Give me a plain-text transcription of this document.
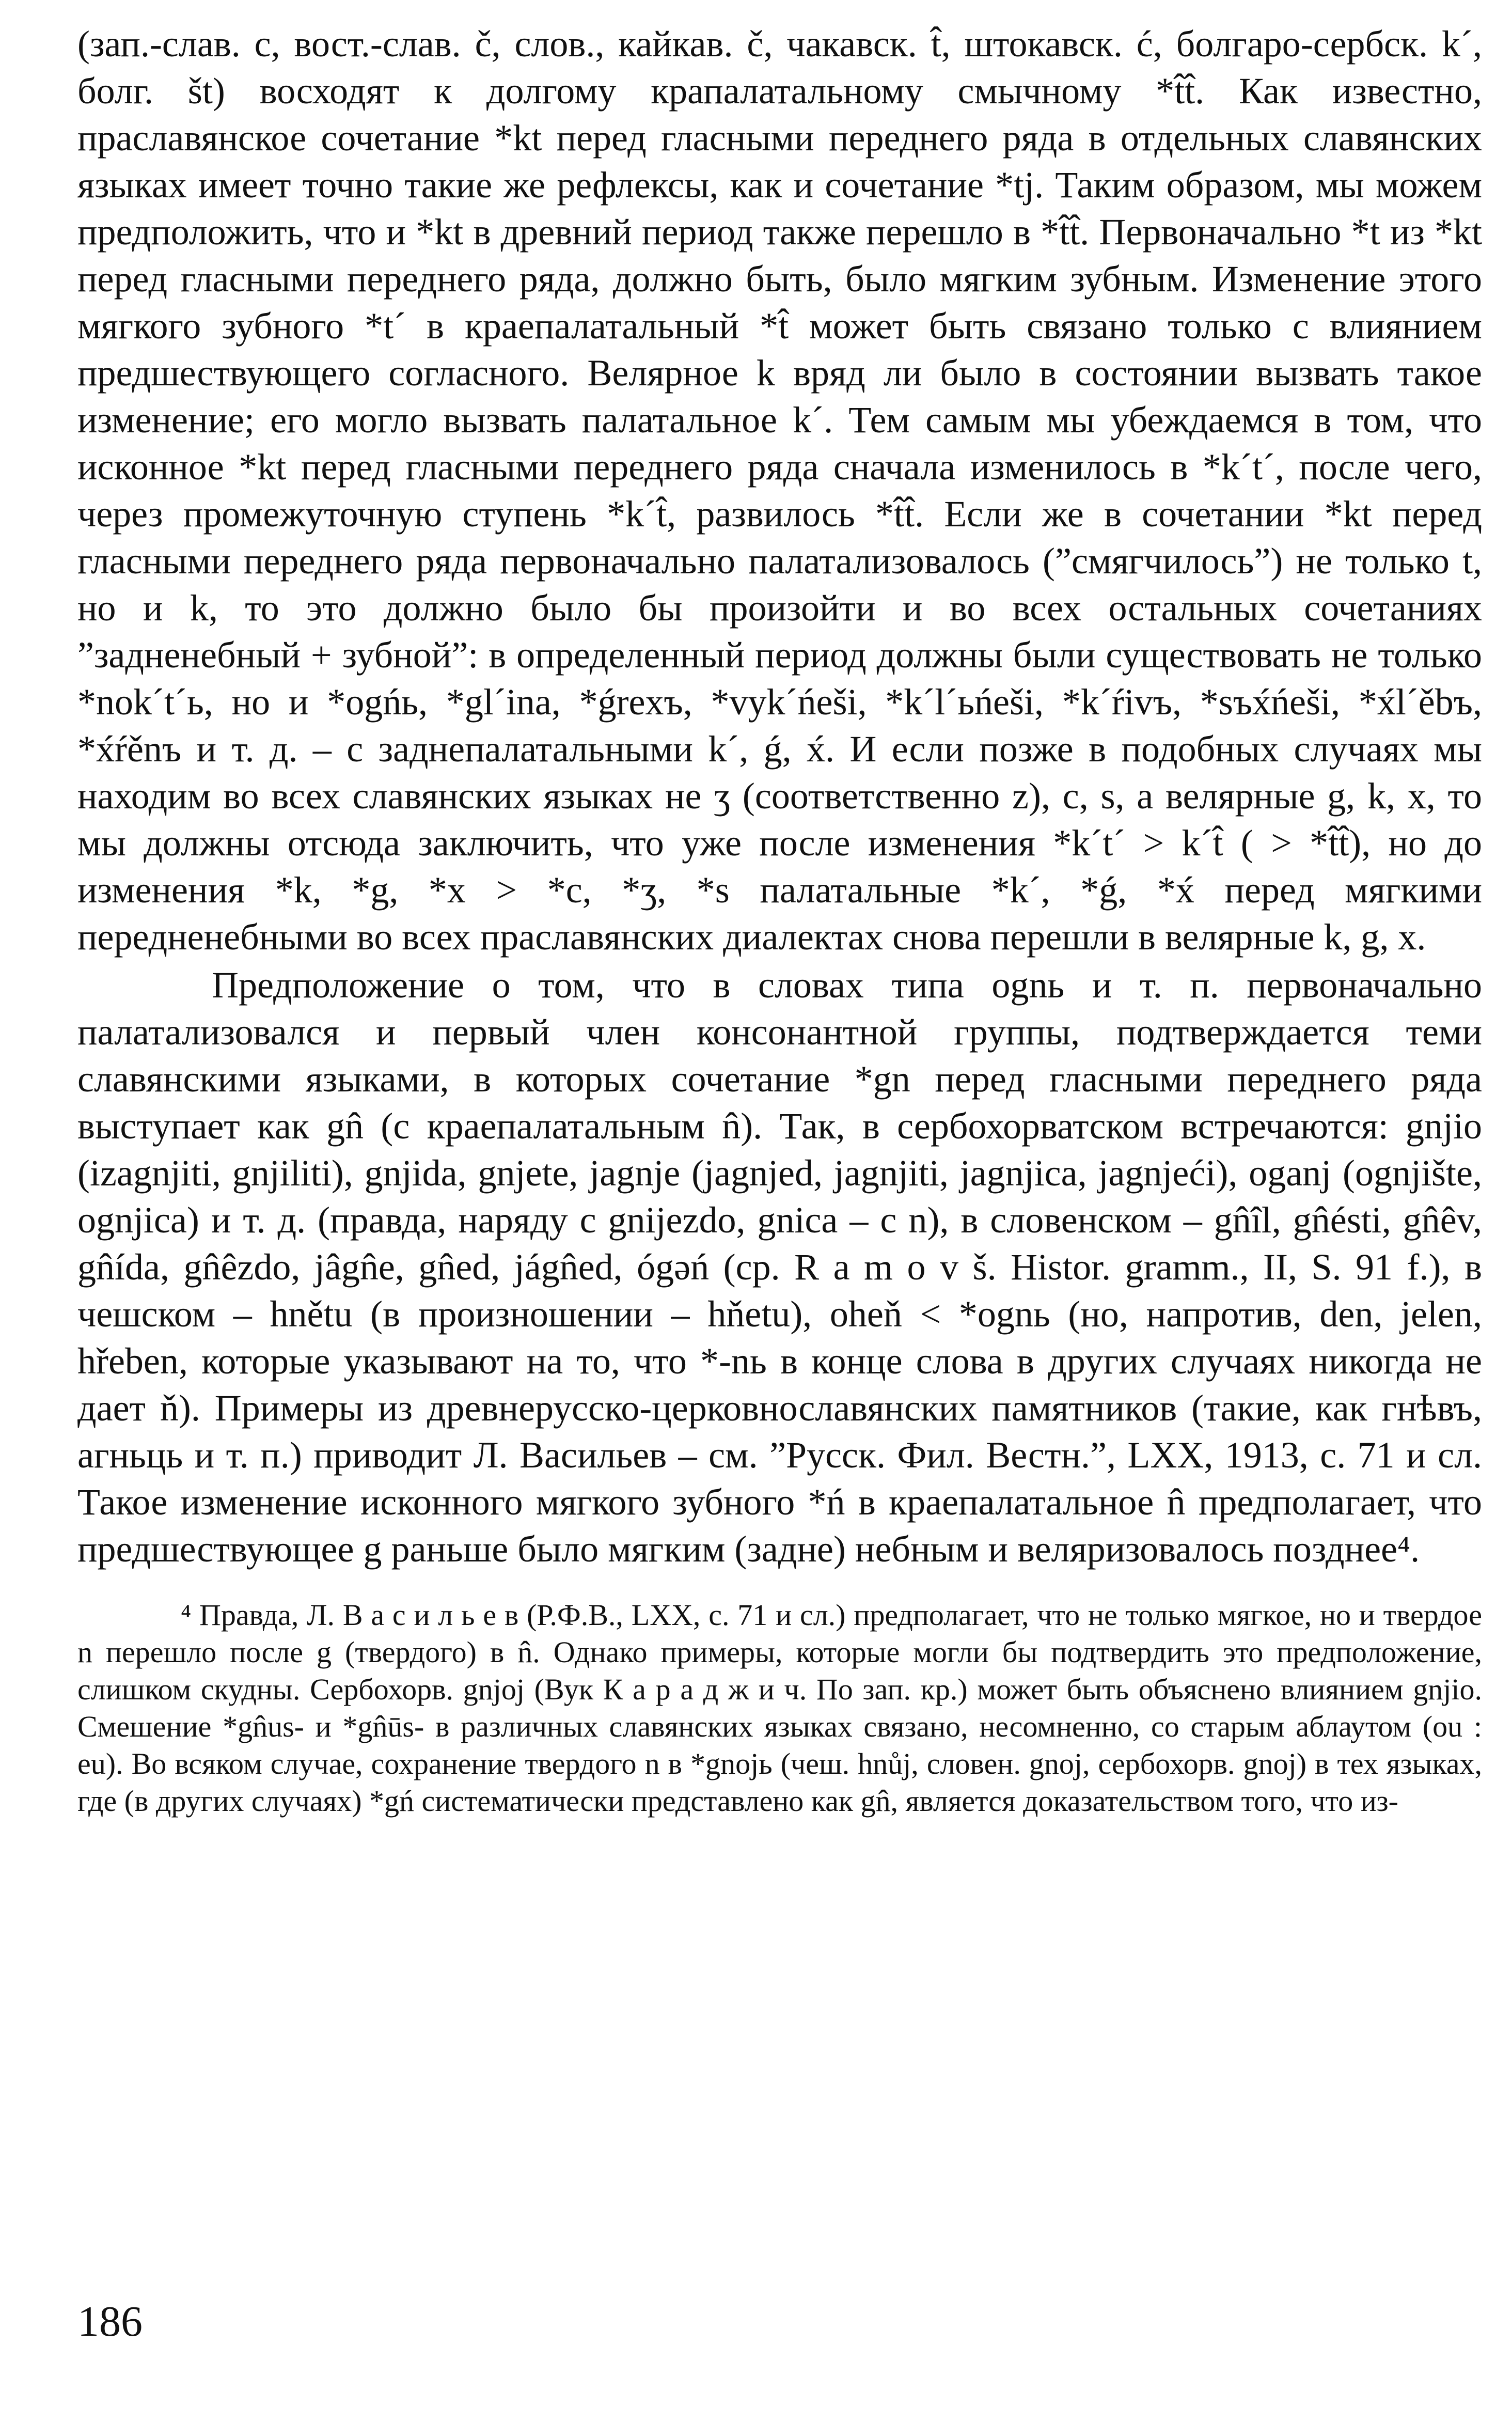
(зап.-слав. c, вост.-слав. č, слов., кайкав. č, чакавск. t̂, штокавск. ć, болгаро-сербск. k´, болг. št) восходят к долгому крапалатальному смычному *t̂t̂. Как известно, праславянское сочетание *kt перед гласными переднего ряда в отдельных славянских языках имеет точно такие же рефлексы, как и сочетание *tj. Таким образом, мы можем предположить, что и *kt в древний период также перешло в *t̂t̂. Первоначально *t из *kt перед гласными переднего ряда, должно быть, было мягким зубным. Изменение этого мягкого зубного *t´ в краепалатальный *t̂ может быть связано только с влиянием предшествующего согласного. Велярное k вряд ли было в состоянии вызвать такое изменение; его могло вызвать палатальное k´. Тем самым мы убеждаемся в том, что исконное *kt перед гласными переднего ряда сначала изменилось в *k´t´, после чего, через промежуточную ступень *k´t̂, развилось *t̂t̂. Если же в сочетании *kt перед гласными переднего ряда первоначально палатализовалось (”смягчилось”) не только t, но и k, то это должно было бы произойти и во всех остальных сочетаниях ”задненебный + зубной”: в определенный период должны были существовать не только *nok´t´ь, но и *ogńь, *gl´ina, *ǵrexъ, *vyk´ńeši, *k´l´ьńeši, *k´ŕivъ, *sъx́ńeši, *x́l´ěbъ, *x́ŕěnъ и т. д. – с заднепалатальными k´, ǵ, x́. И если позже в подобных случаях мы находим во всех славянских языках не ʒ (соответственно z), c, s, а велярные g, k, x, то мы должны отсюда заключить, что уже после изменения *k´t´ > k´t̂ ( > *t̂t̂), но до изменения *k, *g, *x > *c, *ʒ, *s палатальные *k´, *ǵ, *x́ перед мягкими передненебными во всех праславянских диалектах снова перешли в велярные k, g, x.

Предположение о том, что в словах типа ognь и т. п. первоначально палатализовался и первый член консонантной группы, подтверждается теми славянскими языками, в которых сочетание *gn перед гласными переднего ряда выступает как gn̂ (с краепалатальным n̂). Так, в сербохорватском встречаются: gnjio (izagnjiti, gnjiliti), gnjida, gnjete, jagnje (jagnjed, jagnjiti, jagnjica, jagnjeći), oganj (ognjište, ognjica) и т. д. (правда, наряду с gnijezdo, gnica – с n), в словенском – gn̂îl, gn̂ésti, gn̂êv, gn̂ída, gn̂êzdo, jâgn̂e, gn̂ed, jágn̂ed, ógəń (ср. R a m o v š. Histor. gramm., II, S. 91 f.), в чешском – hnětu (в произношении – hňetu), oheň < *ognь (но, напротив, den, jelen, hřeben, которые указывают на то, что *-nь в конце слова в других случаях никогда не дает ň). Примеры из древнерусско-церковнославянских памятников (такие, как гнѣвъ, агньць и т. п.) приводит Л. Васильев – см. ”Русск. Фил. Вестн.”, LXX, 1913, с. 71 и сл. Такое изменение исконного мягкого зубного *ń в краепалатальное n̂ предполагает, что предшествующее g раньше было мягким (задне) небным и веляризовалось позднее⁴.

⁴ Правда, Л. В а с и л ь е в (Р.Ф.В., LXX, с. 71 и сл.) предполагает, что не только мягкое, но и твердое n перешло после g (твердого) в n̂. Однако примеры, которые могли бы подтвердить это предположение, слишком скудны. Сербохорв. gnjoj (Вук К а р а д ж и ч. По зап. кр.) может быть объяснено влиянием gnjio. Смешение *gn̂us- и *gn̂ūs- в различных славянских языках связано, несомненно, со старым аблаутом (ou : eu). Во всяком случае, сохранение твердого n в *gnojь (чеш. hnůj, словен. gnoj, сербохорв. gnoj) в тех языках, где (в других случаях) *gń систематически представлено как gn̂, является доказательством того, что из-

186
